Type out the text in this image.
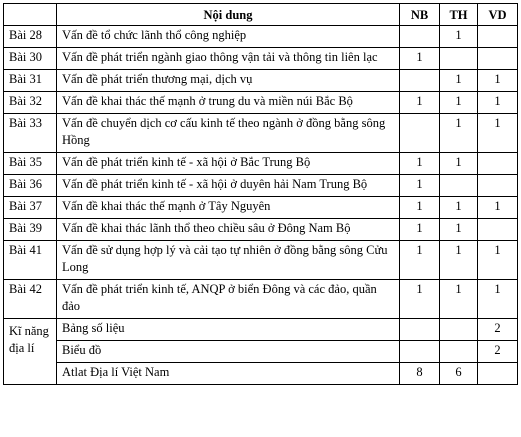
	Nội dung	NB	TH	VD
Bài 28	Vấn đề tổ chức lãnh thổ công nghiệp		1	
Bài 30	Vấn đề phát triển ngành giao thông vận tải và thông tin liên lạc	1		
Bài 31	Vấn đề phát triển thương mại, dịch vụ		1	1
Bài 32	Vấn đề khai thác thế mạnh ở trung du và miền núi Bắc Bộ	1	1	1
Bài 33	Vấn đề chuyển dịch cơ cấu kinh tế theo ngành ở đồng bằng sông Hồng		1	1
Bài 35	Vấn đề phát triển kinh tế - xã hội ở Bắc Trung Bộ	1	1	
Bài 36	Vấn đề phát triển kinh tế - xã hội ở duyên hải Nam Trung Bộ	1		
Bài 37	Vấn đề khai thác thế mạnh ở Tây Nguyên	1	1	1
Bài 39	Vấn đề khai thác lãnh thổ theo chiều sâu ở Đông Nam Bộ	1	1	
Bài 41	Vấn đề sử dụng hợp lý và cải tạo tự nhiên ở đồng bằng sông Cửu Long	1	1	1
Bài 42	Vấn đề phát triển kinh tế, ANQP ở biển Đông và các đảo, quần đảo	1	1	1
Kĩ năng địa lí	Bảng số liệu			2
	Biểu đồ			2
	Atlat Địa lí Việt Nam	8	6	
